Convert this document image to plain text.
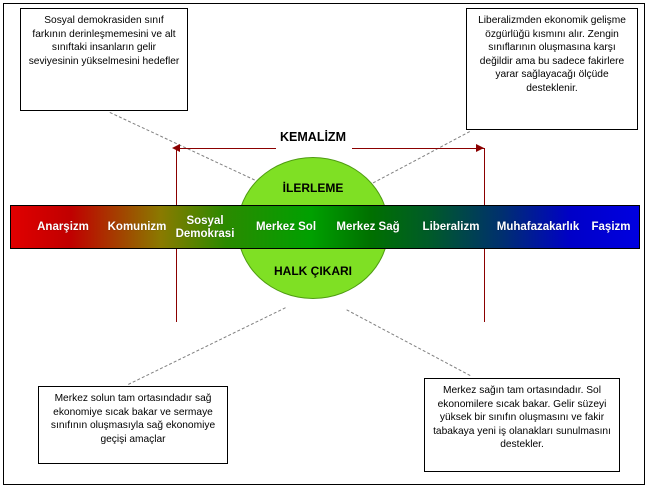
KEMALİZM
İLERLEME
HALK ÇIKARI
Anarşizm	Komunizm	Sosyal
Demokrasi
Merkez Sol	Merkez Sağ	Liberalizm	Muhafazakarlık	Faşizm
Sosyal demokrasiden sınıf farkının derinleşmemesini ve alt sınıftaki insanların gelir seviyesinin yükselmesini hedefler
Liberalizmden ekonomik gelişme özgürlüğü kısmını alır. Zengin sınıflarının oluşmasına karşı değildir ama bu sadece fakirlere yarar sağlayacağı ölçüde desteklenir.
Merkez solun tam ortasındadır sağ ekonomiye sıcak bakar ve sermaye sınıfının oluşmasıyla sağ ekonomiye geçişi amaçlar
Merkez sağın tam ortasındadır. Sol ekonomilere sıcak bakar. Gelir süzeyi yüksek bir sınıfın oluşmasını ve fakir tabakaya yeni iş olanakları sunulmasını destekler.
